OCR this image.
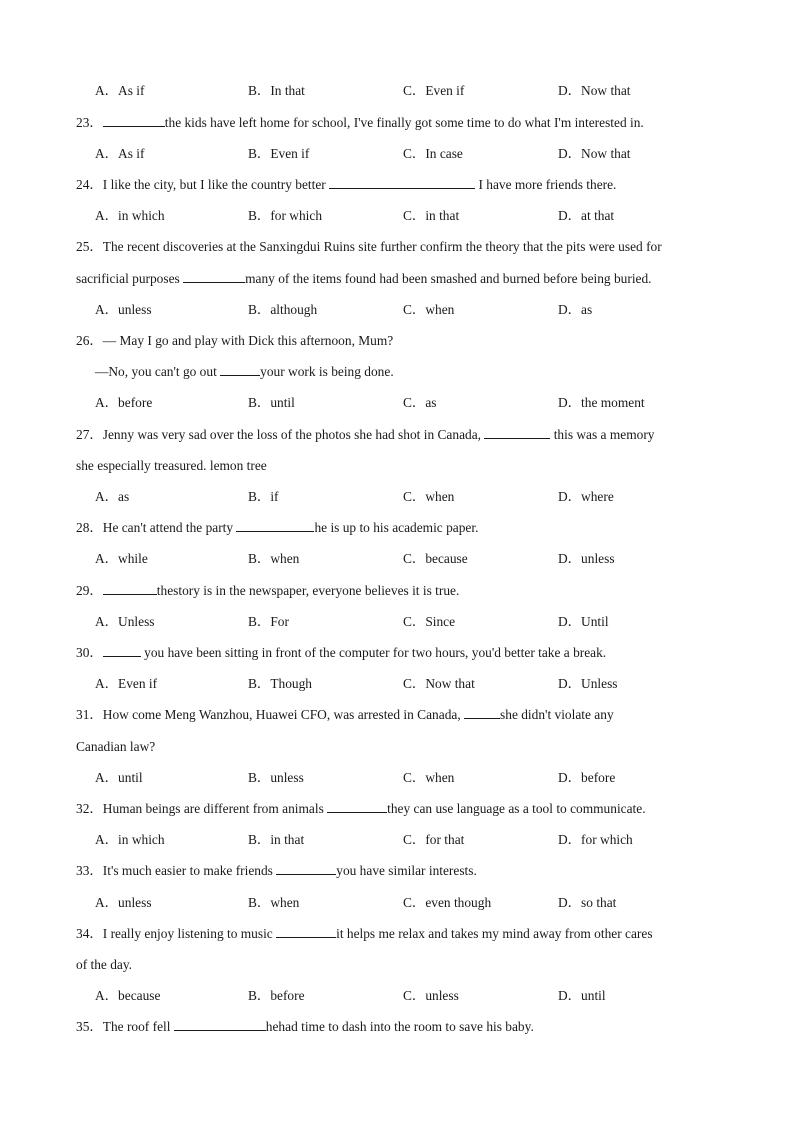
A．As if	B．In that	C．Even if	D．Now that
23．	the kids have left home for school, I've finally got some time to do what I'm interested in.
A．As if	B．Even if	C．In case	D．Now that
24．I like the city, but I like the country better	I have more friends there.
A．in which	B．for which	C．in that	D．at that
25．The recent discoveries at the Sanxingdui Ruins site further confirm the theory that the pits were used for
sacrificial purposes	many of the items found had been smashed and burned before being buried.
A．unless	B．although	C．when	D．as
26．— May I go and play with Dick this afternoon, Mum?
—No, you can't go out	your work is being done.
A．before	B．until	C．as	D．the moment
27．Jenny was very sad over the loss of the photos she had shot in Canada,	this was a memory
she especially treasured. lemon tree
A．as	B．if	C．when	D．where
28．He can't attend the party	he is up to his academic paper.
A．while	B．when	C．because	D．unless
29．	thestory is in the newspaper, everyone believes it is true.
A．Unless	B．For	C．Since	D．Until
30．	you have been sitting in front of the computer for two hours, you'd better take a break.
A．Even if	B．Though	C．Now that	D．Unless
31．How come Meng Wanzhou, Huawei CFO, was arrested in Canada,	she didn't violate any
Canadian law?
A．until	B．unless	C．when	D．before
32．Human beings are different from animals	they can use language as a tool to communicate.
A．in which	B．in that	C．for that	D．for which
33．It's much easier to make friends	you have similar interests.
A．unless	B．when	C．even though	D．so that
34．I really enjoy listening to music	it helps me relax and takes my mind away from other cares
of the day.
A．because	B．before	C．unless	D．until
35．The roof fell	hehad time to dash into the room to save his baby.
